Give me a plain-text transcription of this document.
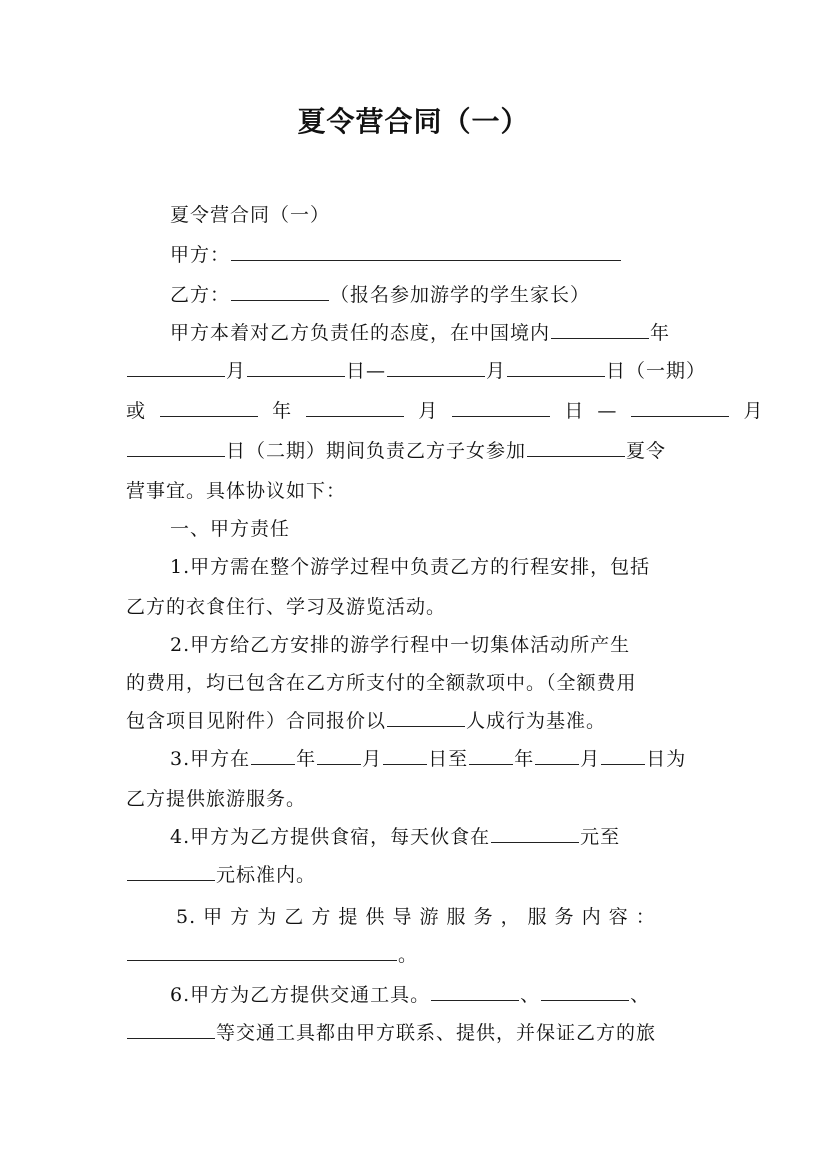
夏令营合同（一）
夏令营合同（一）
甲方：
乙方：	（报名参加游学的学生家长）
甲方本着对乙方负责任的态度，在中国境内	年
月	日—	月	日（一期）
或	年	月	日 —	月
日（二期）期间负责乙方子女参加	夏令
营事宜。具体协议如下：
一、甲方责任
1.甲方需在整个游学过程中负责乙方的行程安排，包括
乙方的衣食住行、学习及游览活动。
2.甲方给乙方安排的游学行程中一切集体活动所产生
的费用，均已包含在乙方所支付的全额款项中。（全额费用
包含项目见附件）合同报价以	人成行为基准。
3.甲方在 年 月 日至 年 月 日为
乙方提供旅游服务。
4.甲方为乙方提供食宿，每天伙食在	元至
元标准内。
5. 甲 方 为 乙 方 提 供 导 游 服 务 ， 服 务 内 容 ：
。
6.甲方为乙方提供交通工具。	、	、
等交通工具都由甲方联系、提供，并保证乙方的旅
